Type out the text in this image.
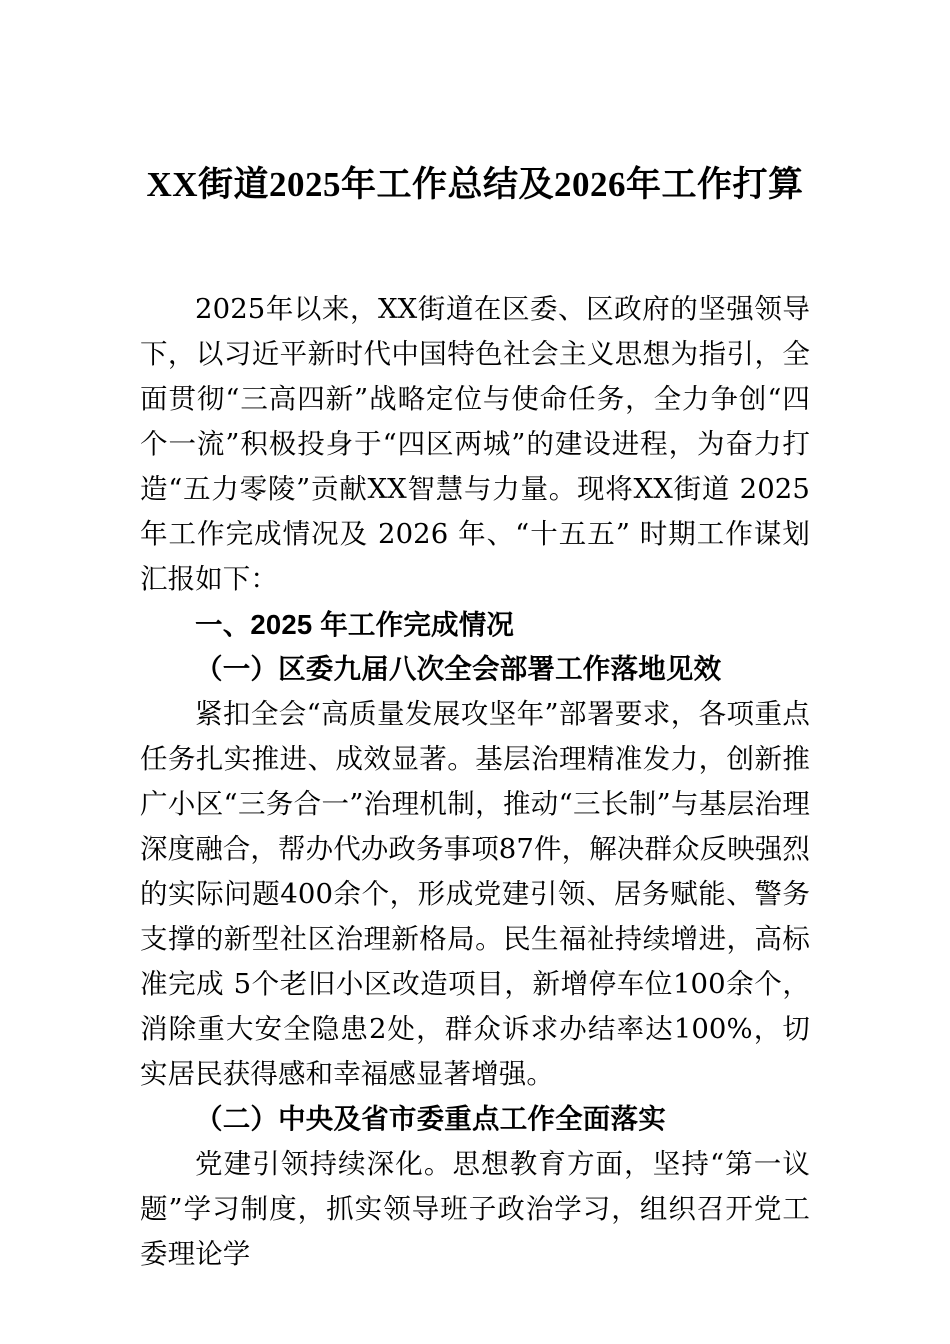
XX街道2025年工作总结及2026年工作打算

2025年以来，XX街道在区委、区政府的坚强领导下，以习近平新时代中国特色社会主义思想为指引，全面贯彻“三高四新”战略定位与使命任务，全力争创“四个一流”积极投身于“四区两城”的建设进程，为奋力打造“五力零陵”贡献XX智慧与力量。现将XX街道 2025 年工作完成情况及 2026 年、“十五五” 时期工作谋划汇报如下：

一、2025 年工作完成情况

（一）区委九届八次全会部署工作落地见效

紧扣全会“高质量发展攻坚年”部署要求，各项重点任务扎实推进、成效显著。基层治理精准发力，创新推广小区“三务合一”治理机制，推动“三长制”与基层治理深度融合，帮办代办政务事项87件，解决群众反映强烈的实际问题400余个，形成党建引领、居务赋能、警务支撑的新型社区治理新格局。民生福祉持续增进，高标准完成 5个老旧小区改造项目，新增停车位100余个，消除重大安全隐患2处，群众诉求办结率达100%，切实居民获得感和幸福感显著增强。

（二）中央及省市委重点工作全面落实

党建引领持续深化。思想教育方面，坚持“第一议题”学习制度，抓实领导班子政治学习，组织召开党工委理论学
